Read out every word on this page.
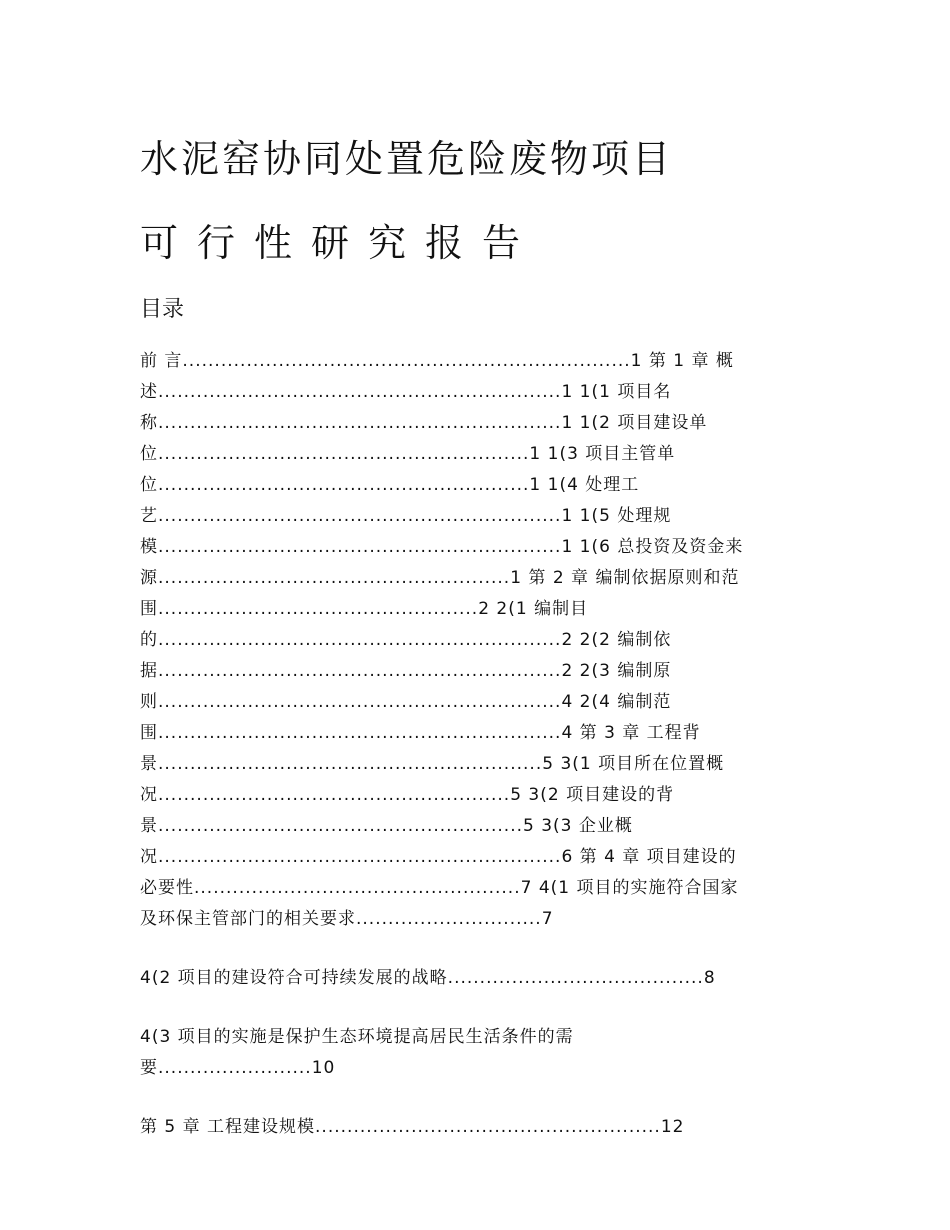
水泥窑协同处置危险废物项目
可行性研究报告
目录
前 言......................................................................1 第 1 章 概
述...............................................................1 1(1 项目名
称...............................................................1 1(2 项目建设单
位..........................................................1 1(3 项目主管单
位..........................................................1 1(4 处理工
艺...............................................................1 1(5 处理规
模...............................................................1 1(6 总投资及资金来
源.......................................................1 第 2 章 编制依据原则和范
围..................................................2 2(1 编制目
的...............................................................2 2(2 编制依
据...............................................................2 2(3 编制原
则...............................................................4 2(4 编制范
围...............................................................4 第 3 章 工程背
景............................................................5 3(1 项目所在位置概
况.......................................................5 3(2 项目建设的背
景.........................................................5 3(3 企业概
况...............................................................6 第 4 章 项目建设的
必要性...................................................7 4(1 项目的实施符合国家
及环保主管部门的相关要求.............................7
4(2 项目的建设符合可持续发展的战略........................................8
4(3 项目的实施是保护生态环境提高居民生活条件的需
要........................10
第 5 章 工程建设规模......................................................12
